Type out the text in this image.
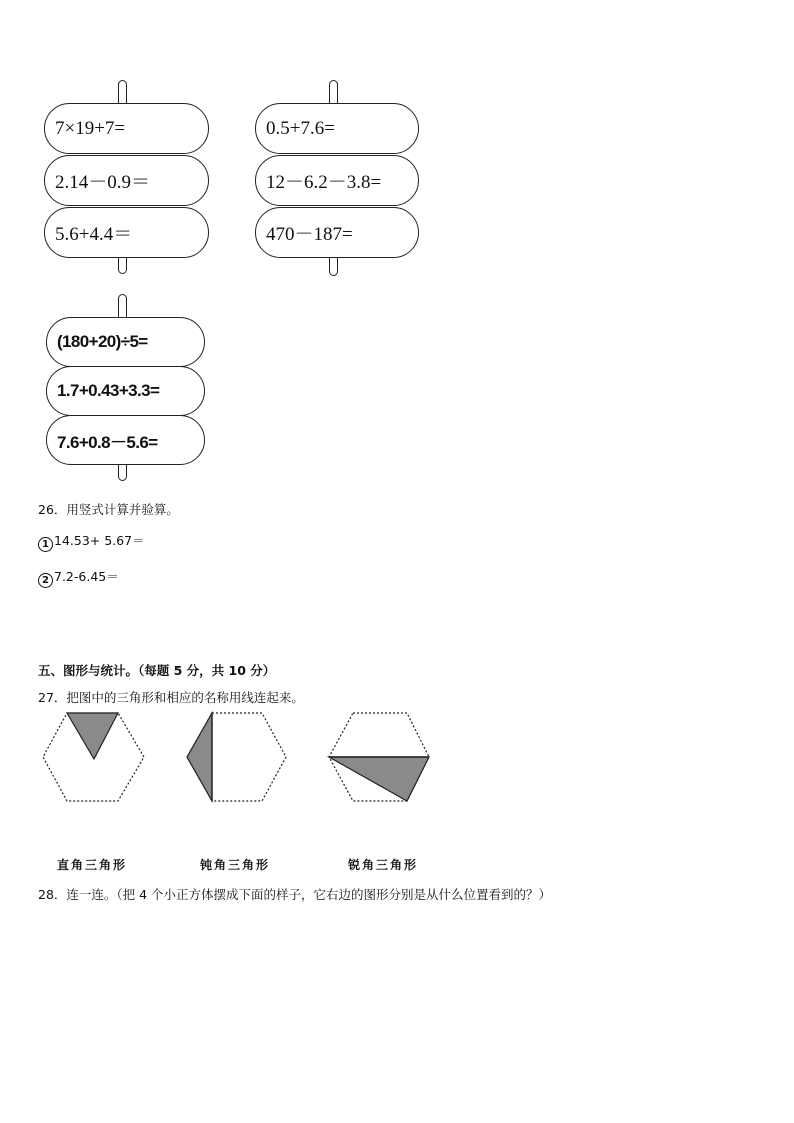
7×19+7=
2.14－0.9＝
5.6+4.4＝
0.5+7.6=
12－6.2－3.8=
470－187=
(180+20)÷5=
1.7+0.43+3.3=
7.6+0.8－5.6=
26．用竖式计算并验算。
1 14.53+ 5.67＝
2 7.2-6.45＝
五、图形与统计。（每题 5 分，共 10 分）
27．把图中的三角形和相应的名称用线连起来。
直角三角形	钝角三角形	锐角三角形
28．连一连。（把 4 个小正方体摆成下面的样子，它右边的图形分别是从什么位置看到的？）
